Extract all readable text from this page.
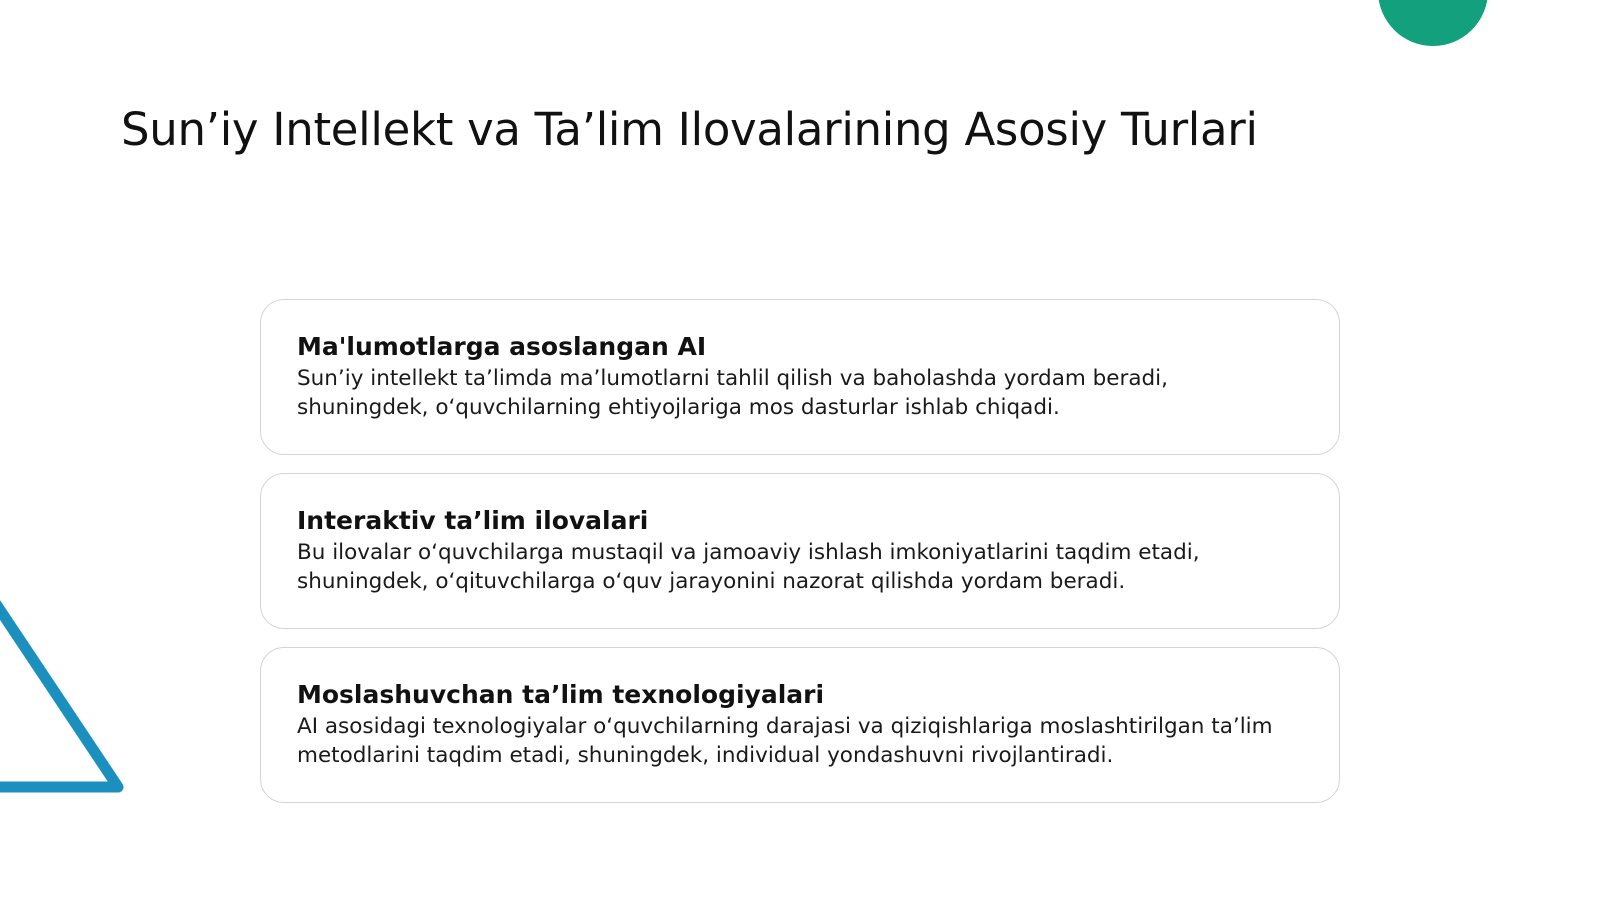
Sun’iy Intellekt va Ta’lim Ilovalarining Asosiy Turlari

Ma'lumotlarga asoslangan AI

Sun’iy intellekt ta’limda ma’lumotlarni tahlil qilish va baholashda yordam beradi, shuningdek, o‘quvchilarning ehtiyojlariga mos dasturlar ishlab chiqadi.

Interaktiv ta’lim ilovalari

Bu ilovalar o‘quvchilarga mustaqil va jamoaviy ishlash imkoniyatlarini taqdim etadi, shuningdek, o‘qituvchilarga o‘quv jarayonini nazorat qilishda yordam beradi.

Moslashuvchan ta’lim texnologiyalari

AI asosidagi texnologiyalar o‘quvchilarning darajasi va qiziqishlariga moslashtirilgan ta’lim metodlarini taqdim etadi, shuningdek, individual yondashuvni rivojlantiradi.
